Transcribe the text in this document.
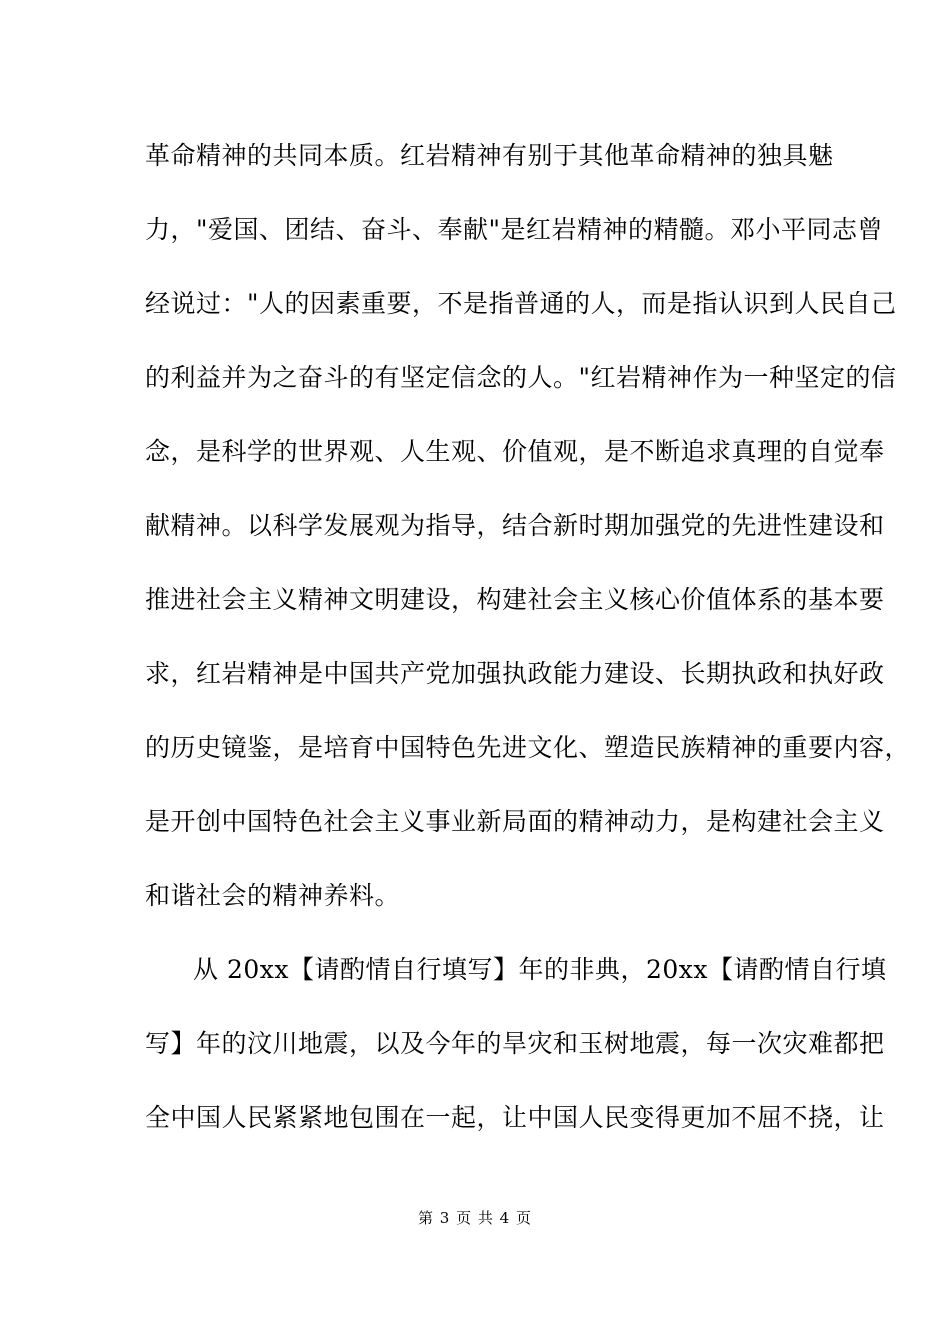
革命精神的共同本质。红岩精神有别于其他革命精神的独具魅
力，"爱国、团结、奋斗、奉献"是红岩精神的精髓。邓小平同志曾
经说过："人的因素重要，不是指普通的人，而是指认识到人民自己
的利益并为之奋斗的有坚定信念的人。"红岩精神作为一种坚定的信
念，是科学的世界观、人生观、价值观，是不断追求真理的自觉奉
献精神。以科学发展观为指导，结合新时期加强党的先进性建设和
推进社会主义精神文明建设，构建社会主义核心价值体系的基本要
求，红岩精神是中国共产党加强执政能力建设、长期执政和执好政
的历史镜鉴，是培育中国特色先进文化、塑造民族精神的重要内容，
是开创中国特色社会主义事业新局面的精神动力，是构建社会主义
和谐社会的精神养料。
从 20xx【请酌情自行填写】年的非典，20xx【请酌情自行填
写】年的汶川地震，以及今年的旱灾和玉树地震，每一次灾难都把
全中国人民紧紧地包围在一起，让中国人民变得更加不屈不挠，让
第 3 页 共 4 页
